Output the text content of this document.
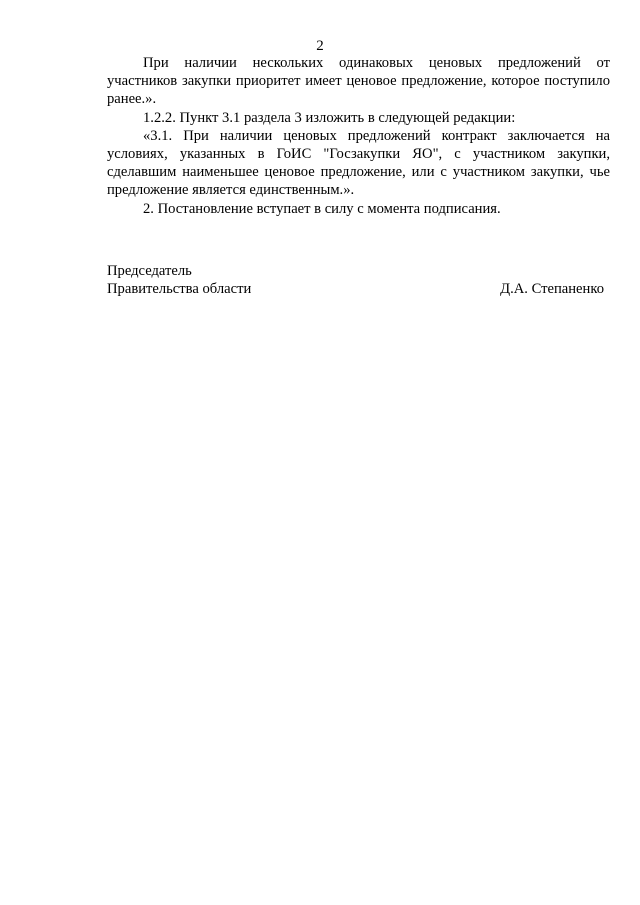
2

При наличии нескольких одинаковых ценовых предложений от участников закупки приоритет имеет ценовое предложение, которое поступило ранее.».

1.2.2. Пункт 3.1 раздела 3 изложить в следующей редакции:

«3.1. При наличии ценовых предложений контракт заключается на условиях, указанных в ГоИС "Госзакупки ЯО", с участником закупки, сделавшим наименьшее ценовое предложение, или с участником закупки, чье предложение является единственным.».

2. Постановление вступает в силу с момента подписания.

Председатель
Правительства области	Д.А. Степаненко
